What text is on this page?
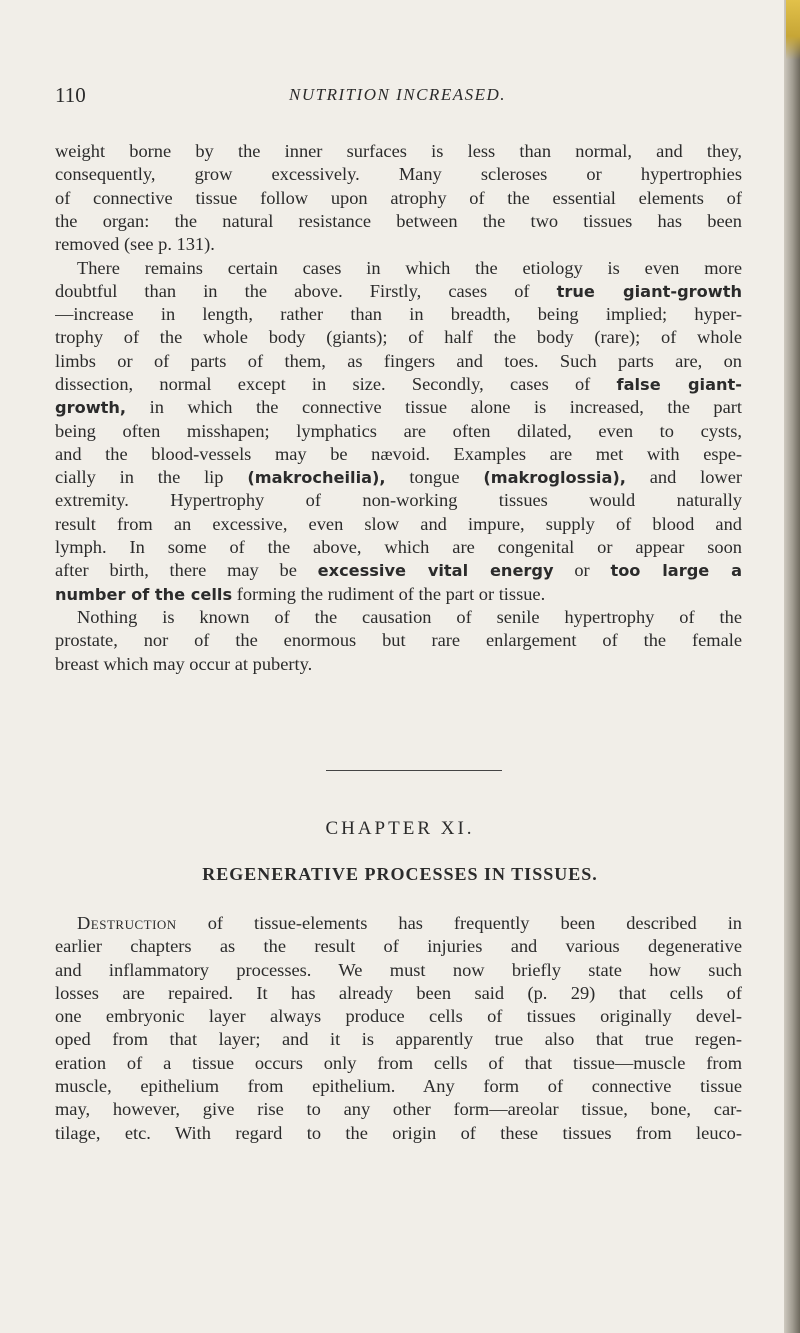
110	NUTRITION INCREASED.
weight borne by the inner surfaces is less than normal, and they,
consequently, grow excessively. Many scleroses or hypertrophies
of connective tissue follow upon atrophy of the essential elements of
the organ: the natural resistance between the two tissues has been
removed (see p. 131).
There remains certain cases in which the etiology is even more
doubtful than in the above. Firstly, cases of true giant-growth
—increase in length, rather than in breadth, being implied; hyper-
trophy of the whole body (giants); of half the body (rare); of whole
limbs or of parts of them, as fingers and toes. Such parts are, on
dissection, normal except in size. Secondly, cases of false giant-
growth, in which the connective tissue alone is increased, the part
being often misshapen; lymphatics are often dilated, even to cysts,
and the blood-vessels may be nævoid. Examples are met with espe-
cially in the lip (makrocheilia), tongue (makroglossia), and lower
extremity. Hypertrophy of non-working tissues would naturally
result from an excessive, even slow and impure, supply of blood and
lymph. In some of the above, which are congenital or appear soon
after birth, there may be excessive vital energy or too large a
number of the cells forming the rudiment of the part or tissue.
Nothing is known of the causation of senile hypertrophy of the
prostate, nor of the enormous but rare enlargement of the female
breast which may occur at puberty.
CHAPTER XI.
REGENERATIVE PROCESSES IN TISSUES.
Destruction of tissue-elements has frequently been described in
earlier chapters as the result of injuries and various degenerative
and inflammatory processes. We must now briefly state how such
losses are repaired. It has already been said (p. 29) that cells of
one embryonic layer always produce cells of tissues originally devel-
oped from that layer; and it is apparently true also that true regen-
eration of a tissue occurs only from cells of that tissue—muscle from
muscle, epithelium from epithelium. Any form of connective tissue
may, however, give rise to any other form—areolar tissue, bone, car-
tilage, etc. With regard to the origin of these tissues from leuco-
